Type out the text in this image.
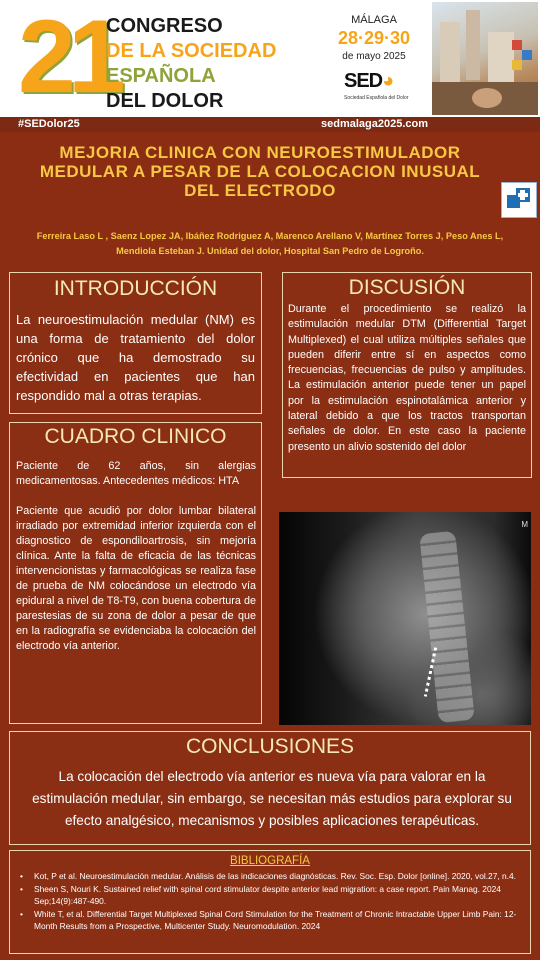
21
CONGRESO
DE LA SOCIEDAD
ESPAÑOLA
DEL DOLOR
MÁLAGA
28·29·30
de mayo 2025
SED◕
Sociedad Española del Dolor
#SEDolor25	sedmalaga2025.com
MEJORIA CLINICA CON NEUROESTIMULADOR MEDULAR A PESAR DE LA COLOCACION INUSUAL DEL ELECTRODO
Ferreira Laso L , Saenz Lopez JA, Ibáñez Rodriguez A, Marenco Arellano V, Martínez Torres J, Peso Anes L, Mendiola Esteban J. Unidad del dolor, Hospital San Pedro de Logroño.
INTRODUCCIÓN
La neuroestimulación medular (NM) es una forma de tratamiento del dolor crónico que ha demostrado su efectividad en pacientes que han respondido mal a otras terapias.
CUADRO CLINICO

Paciente de 62 años, sin alergias medicamentosas. Antecedentes médicos: HTA

Paciente que acudió por dolor lumbar bilateral irradiado por extremidad inferior izquierda con el diagnostico de espondiloartrosis, sin mejoría clínica. Ante la falta de eficacia de las técnicas intervencionistas y farmacológicas se realiza fase de prueba de NM colocándose un electrodo vía epidural a nivel de T8-T9, con buena cobertura de parestesias de su zona de dolor a pesar de que en la radiografía se evidenciaba la colocación del electrodo vía anterior.

DISCUSIÓN
Durante el procedimiento se realizó la estimulación medular DTM (Differential Target Multiplexed) el cual utiliza múltiples señales que pueden diferir entre sí en aspectos como frecuencias, frecuencias de pulso y amplitudes. La estimulación anterior puede tener un papel por la estimulación espinotalámica anterior y lateral debido a que los tractos transportan señales de dolor. En este caso la paciente presento un alivio sostenido del dolor
M
CONCLUSIONES
La colocación del electrodo vía anterior es nueva vía para valorar en la estimulación medular, sin embargo, se necesitan más estudios para explorar su efecto analgésico, mecanismos y posibles aplicaciones terapéuticas.
BIBLIOGRAFÍA
• Kot, P et al. Neuroestimulación medular. Análisis de las indicaciones diagnósticas. Rev. Soc. Esp. Dolor [online]. 2020, vol.27, n.4.
• Sheen S, Nouri K. Sustained relief with spinal cord stimulator despite anterior lead migration: a case report. Pain Manag. 2024 Sep;14(9):487-490.
• White T, et al. Differential Target Multiplexed Spinal Cord Stimulation for the Treatment of Chronic Intractable Upper Limb Pain: 12-Month Results from a Prospective, Multicenter Study. Neuromodulation. 2024
